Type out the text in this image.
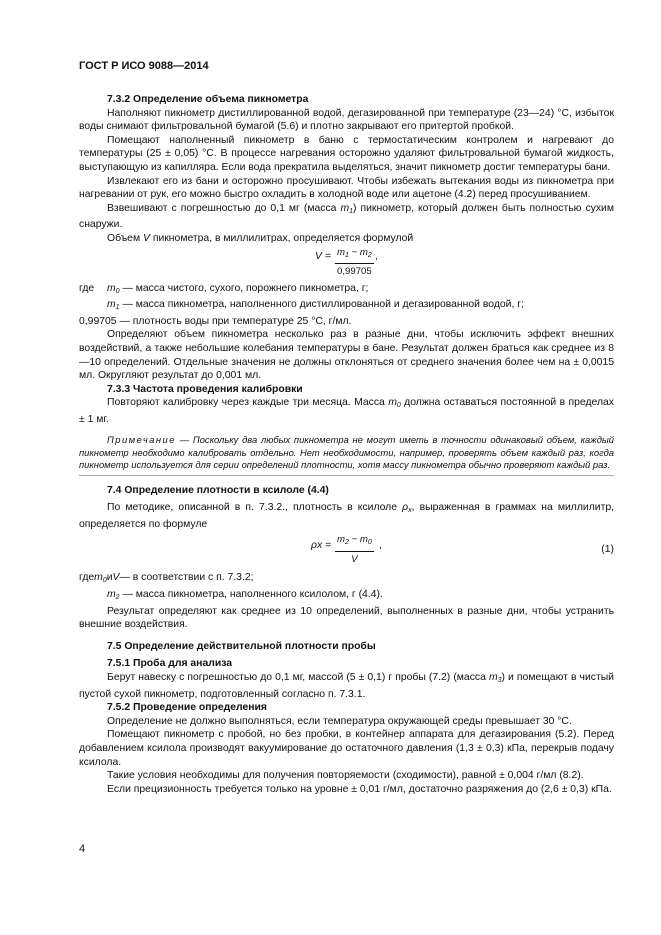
ГОСТ Р ИСО 9088—2014
7.3.2 Определение объема пикнометра

Наполняют пикнометр дистиллированной водой, дегазированной при температуре (23—24) °С, избыток воды снимают фильтровальной бумагой (5.6) и плотно закрывают его притертой пробкой.

Помещают наполненный пикнометр в баню с термостатическим контролем и нагревают до температуры (25 ± 0,05) °С. В процессе нагревания осторожно удаляют фильтровальной бумагой жидкость, выступающую из капилляра. Если вода прекратила выделяться, значит пикнометр достиг температуры бани.

Извлекают его из бани и осторожно просушивают. Чтобы избежать вытекания воды из пикнометра при нагревании от рук, его можно быстро охладить в холодной воде или ацетоне (4.2) перед просушиванием.

Взвешивают с погрешностью до 0,1 мг (масса $m_1$) пикнометр, который должен быть полностью сухим снаружи.

Объем V пикнометра, в миллилитрах, определяется формулой

$V = \frac{m_1 - m_2}{0,99705}$ ,
где	$m_0$
— масса чистого, сухого, порожнего пикнометра, г;
$m_1$
— масса пикнометра, наполненного дистиллированной и дегазированной водой, г;
0,99705
— плотность воды при температуре 25 °С, г/мл.

Определяют объем пикнометра несколько раз в разные дни, чтобы исключить эффект внешних воздействий, а также небольшие колебания температуры в бане. Результат должен браться как среднее из 8—10 определений. Отдельные значения не должны отклоняться от среднего значения более чем на ± 0,0015 мл. Округляют результат до 0,001 мл.

7.3.3 Частота проведения калибровки

Повторяют калибровку через каждые три месяца. Масса $m_0$ должна оставаться постоянной в пределах ± 1 мг.

Примечание — Поскольку два любых пикнометра не могут иметь в точности одинаковый объем, каждый пикнометр необходимо калибровать отдельно. Нет необходимости, например, проверять объем каждый раз, когда пикнометр используется для серии определений плотности, хотя массу пикнометра обычно проверяют каждый раз.

7.4 Определение плотности в ксилоле (4.4)

По методике, описанной в п. 7.3.2., плотность в ксилоле $\rho_x$, выраженная в граммах на миллилитр, определяется по формуле

$\rho x = \frac{m_2 - m_0}{V}$ ,	(1)
где $m_0$ и V — в соответствии с п. 7.3.2;
$m_2$
— масса пикнометра, наполненного ксилолом, г (4.4).

Результат определяют как среднее из 10 определений, выполненных в разные дни, чтобы устранить внешние воздействия.

7.5 Определение действительной плотности пробы
7.5.1 Проба для анализа

Берут навеску с погрешностью до 0,1 мг, массой (5 ± 0,1) г пробы (7.2) (масса $m_3$) и помещают в чистый пустой сухой пикнометр, подготовленный согласно п. 7.3.1.

7.5.2 Проведение определения

Определение не должно выполняться, если температура окружающей среды превышает 30 °С.

Помещают пикнометр с пробой, но без пробки, в контейнер аппарата для дегазирования (5.2). Перед добавлением ксилола производят вакуумирование до остаточного давления (1,3 ± 0,3) кПа, перекрыв подачу ксилола.

Такие условия необходимы для получения повторяемости (сходимости), равной ± 0,004 г/мл (8.2).

Если прецизионность требуется только на уровне ± 0,01 г/мл, достаточно разряжения до (2,6 ± 0,3) кПа.

4
